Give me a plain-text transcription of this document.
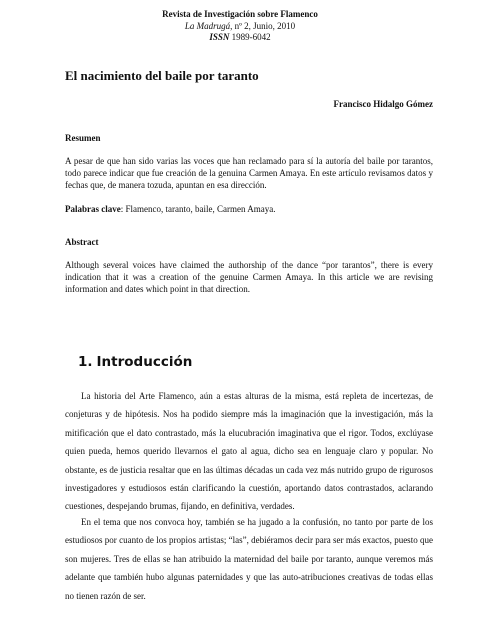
Revista de Investigación sobre Flamenco
La Madrugá, nº 2, Junio, 2010
ISSN 1989-6042
El nacimiento del baile por taranto
Francisco Hidalgo Gómez
Resumen

A pesar de que han sido varias las voces que han reclamado para sí la autoría del baile por tarantos, todo parece indicar que fue creación de la genuina Carmen Amaya. En este artículo revisamos datos y fechas que, de manera tozuda, apuntan en esa dirección.

Palabras clave: Flamenco, taranto, baile, Carmen Amaya.

Abstract

Although several voices have claimed the authorship of the dance “por tarantos”, there is every indication that it was a creation of the genuine Carmen Amaya. In this article we are revising information and dates which point in that direction.

1. Introducción

La historia del Arte Flamenco, aún a estas alturas de la misma, está repleta de incertezas, de conjeturas y de hipótesis. Nos ha podido siempre más la imaginación que la investigación, más la mitificación que el dato contrastado, más la elucubración imaginativa que el rigor. Todos, exclúyase quien pueda, hemos querido llevarnos el gato al agua, dicho sea en lenguaje claro y popular. No obstante, es de justicia resaltar que en las últimas décadas un cada vez más nutrido grupo de rigurosos investigadores y estudiosos están clarificando la cuestión, aportando datos contrastados, aclarando cuestiones, despejando brumas, fijando, en definitiva, verdades.

En el tema que nos convoca hoy, también se ha jugado a la confusión, no tanto por parte de los estudiosos por cuanto de los propios artistas; “las”, debiéramos decir para ser más exactos, puesto que son mujeres. Tres de ellas se han atribuido la maternidad del baile por taranto, aunque veremos más adelante que también hubo algunas paternidades y que las auto-atribuciones creativas de todas ellas no tienen razón de ser.
